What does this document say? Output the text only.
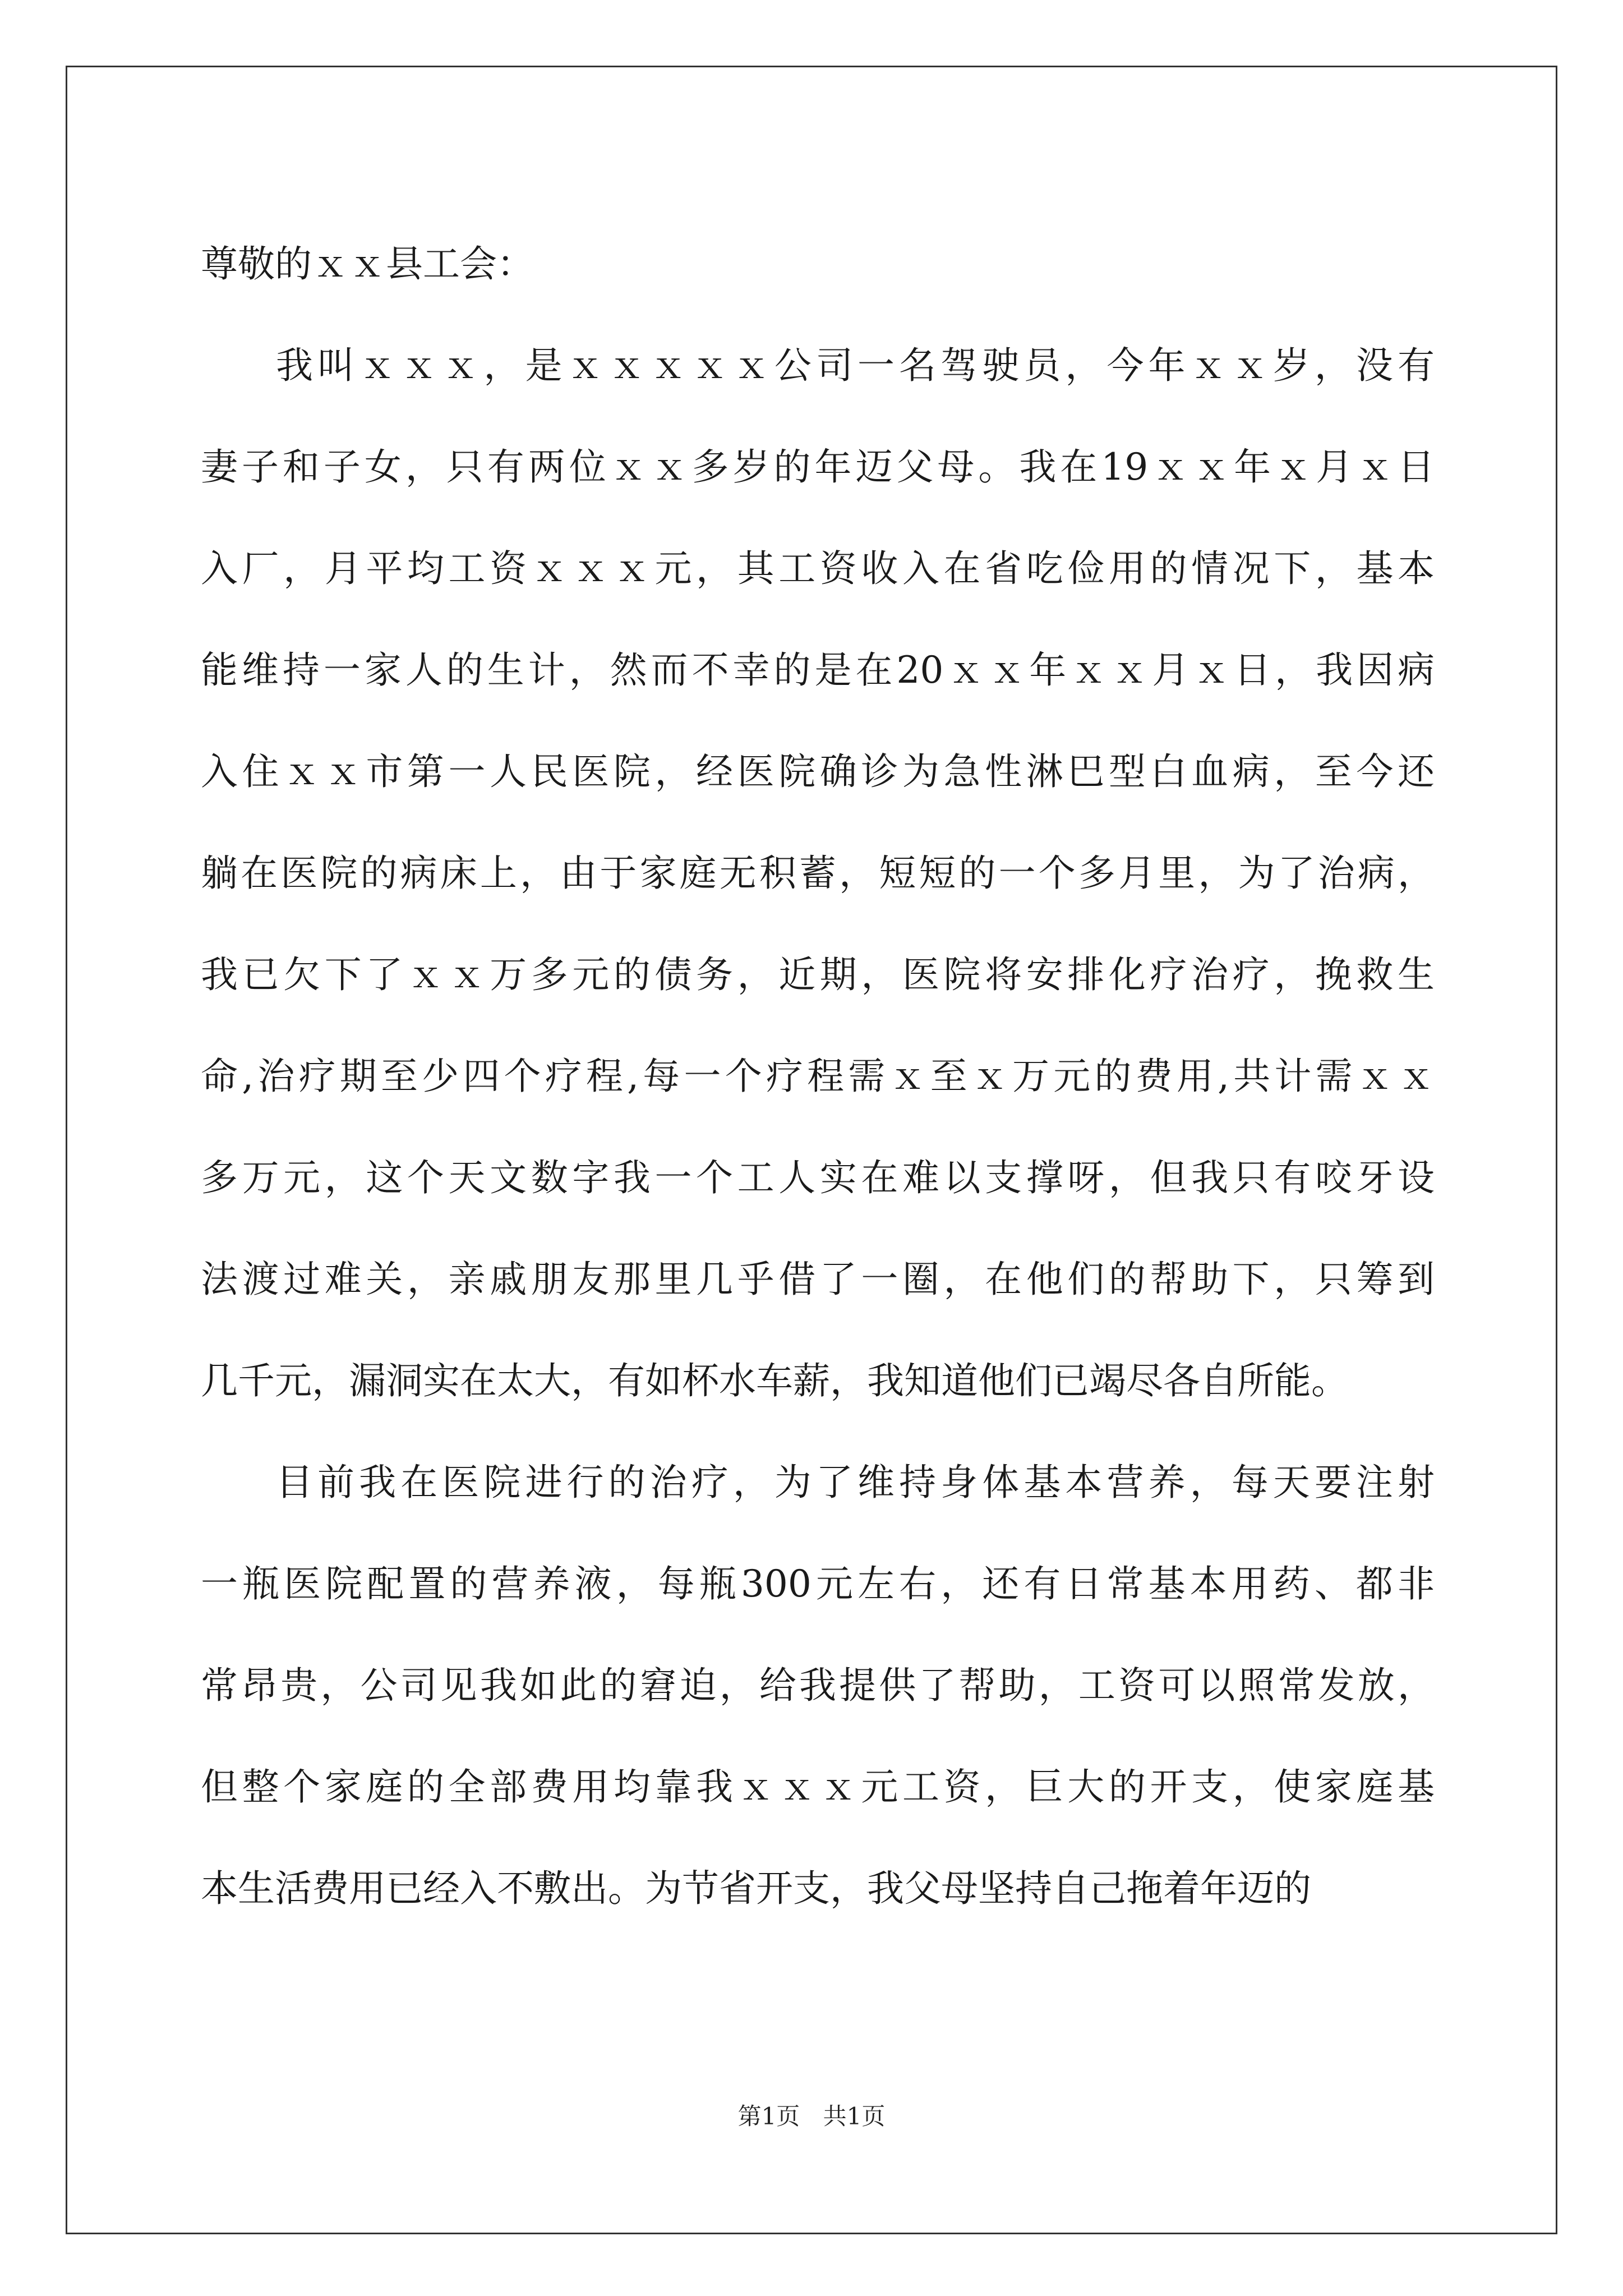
尊敬的ｘｘ县工会：
我叫ｘｘｘ，是ｘｘｘｘｘ公司一名驾驶员，今年ｘｘ岁，没有
妻子和子女，只有两位ｘｘ多岁的年迈父母。我在19ｘｘ年ｘ月ｘ日
入厂，月平均工资ｘｘｘ元，其工资收入在省吃俭用的情况下，基本
能维持一家人的生计，然而不幸的是在20ｘｘ年ｘｘ月ｘ日，我因病
入住ｘｘ市第一人民医院，经医院确诊为急性淋巴型白血病，至今还
躺在医院的病床上，由于家庭无积蓄，短短的一个多月里，为了治病，
我已欠下了ｘｘ万多元的债务，近期，医院将安排化疗治疗，挽救生
命,治疗期至少四个疗程,每一个疗程需ｘ至ｘ万元的费用,共计需ｘｘ
多万元，这个天文数字我一个工人实在难以支撑呀，但我只有咬牙设
法渡过难关，亲戚朋友那里几乎借了一圈，在他们的帮助下，只筹到
几千元，漏洞实在太大，有如杯水车薪，我知道他们已竭尽各自所能。
目前我在医院进行的治疗，为了维持身体基本营养，每天要注射
一瓶医院配置的营养液，每瓶300元左右，还有日常基本用药、都非
常昂贵，公司见我如此的窘迫，给我提供了帮助，工资可以照常发放，
但整个家庭的全部费用均靠我ｘｘｘ元工资，巨大的开支，使家庭基
本生活费用已经入不敷出。为节省开支，我父母坚持自己拖着年迈的
第1页 共1页
